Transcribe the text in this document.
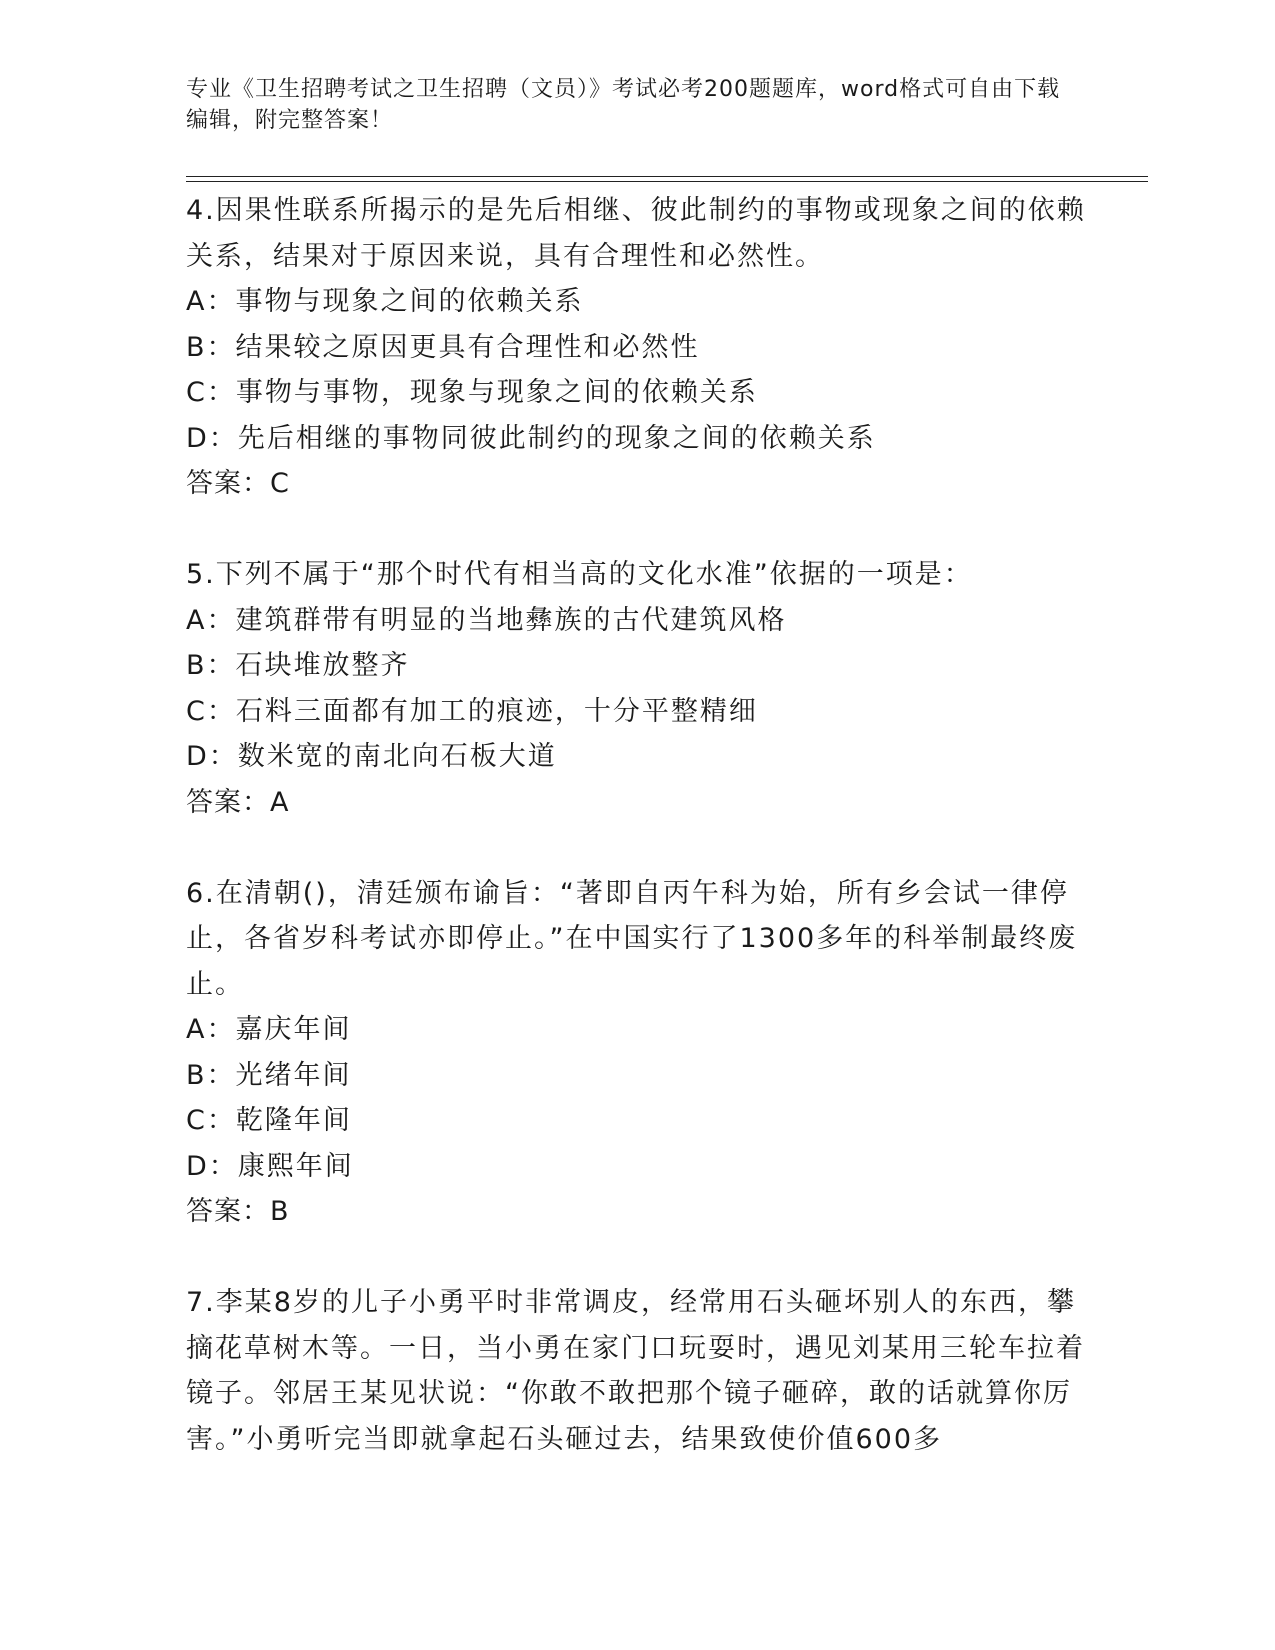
专业《卫生招聘考试之卫生招聘（文员）》考试必考200题题库，word格式可自由下载编辑，附完整答案！
4.因果性联系所揭示的是先后相继、彼此制约的事物或现象之间的依赖关系，结果对于原因来说，具有合理性和必然性。
A：事物与现象之间的依赖关系
B：结果较之原因更具有合理性和必然性
C：事物与事物，现象与现象之间的依赖关系
D：先后相继的事物同彼此制约的现象之间的依赖关系
答案：C
5.下列不属于“那个时代有相当高的文化水准”依据的一项是：
A：建筑群带有明显的当地彝族的古代建筑风格
B：石块堆放整齐
C：石料三面都有加工的痕迹，十分平整精细
D：数米宽的南北向石板大道
答案：A
6.在清朝()，清廷颁布谕旨：“著即自丙午科为始，所有乡会试一律停止，各省岁科考试亦即停止。”在中国实行了1300多年的科举制最终废止。
A：嘉庆年间
B：光绪年间
C：乾隆年间
D：康熙年间
答案：B
7.李某8岁的儿子小勇平时非常调皮，经常用石头砸坏别人的东西，攀摘花草树木等。一日，当小勇在家门口玩耍时，遇见刘某用三轮车拉着镜子。邻居王某见状说：“你敢不敢把那个镜子砸碎，敢的话就算你厉害。”小勇听完当即就拿起石头砸过去，结果致使价值600多
